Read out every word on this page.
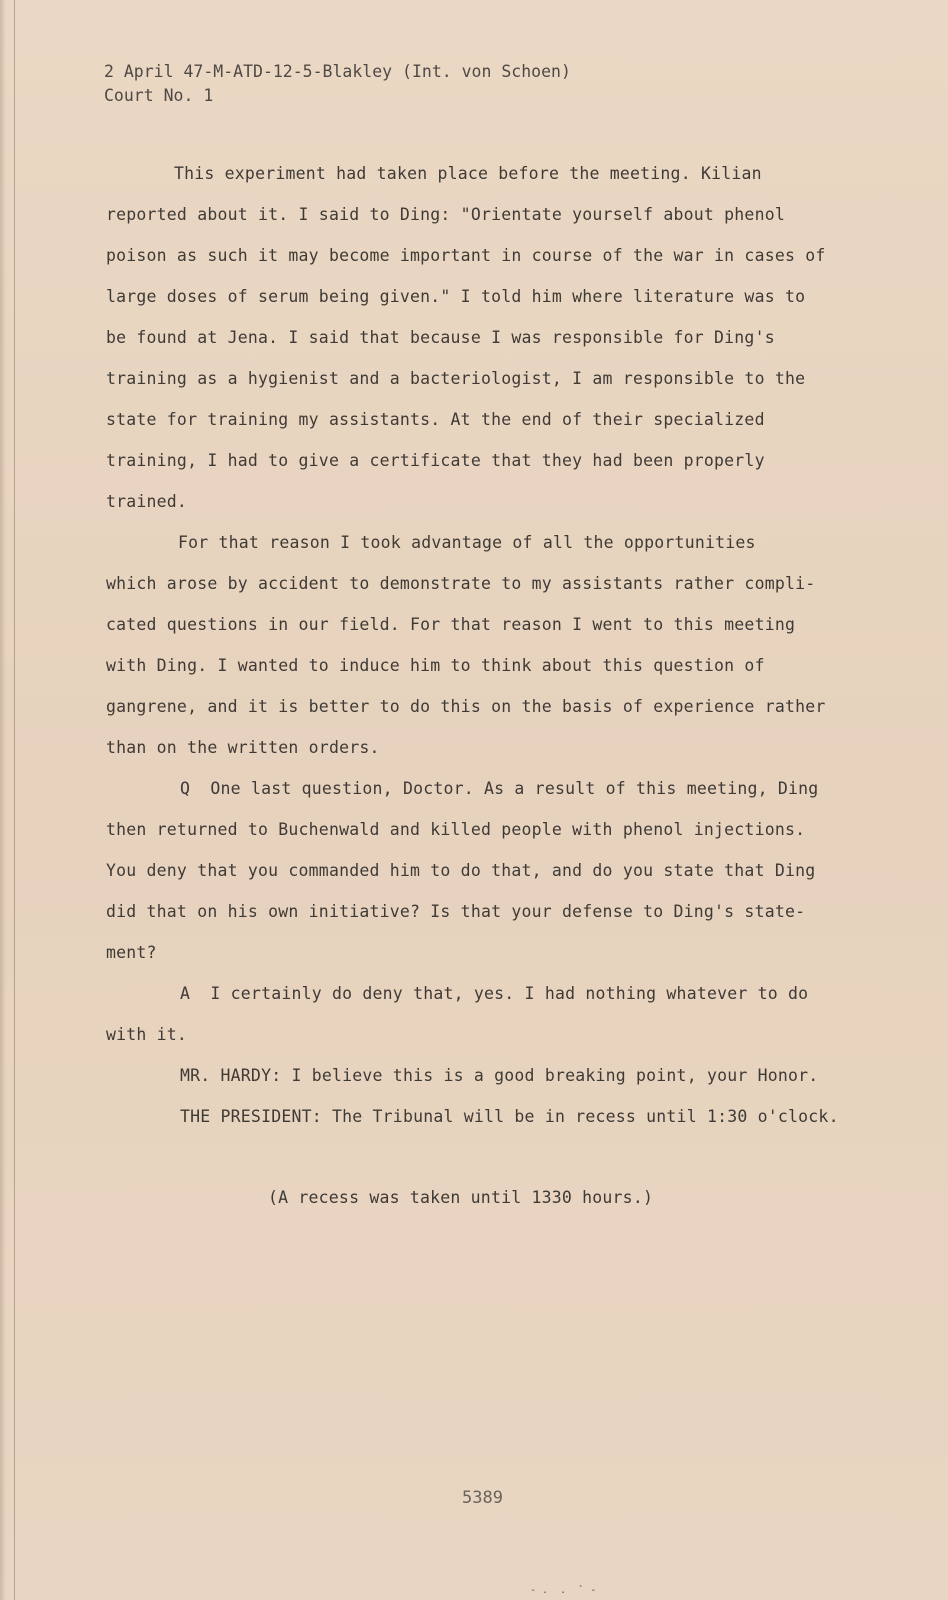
2 April 47-M-ATD-12-5-Blakley (Int. von Schoen)
Court No. 1
This experiment had taken place before the meeting. Kilian
reported about it. I said to Ding: "Orientate yourself about phenol
poison as such it may become important in course of the war in cases of
large doses of serum being given." I told him where literature was to
be found at Jena. I said that because I was responsible for Ding's
training as a hygienist and a bacteriologist, I am responsible to the
state for training my assistants. At the end of their specialized
training, I had to give a certificate that they had been properly
trained.
For that reason I took advantage of all the opportunities
which arose by accident to demonstrate to my assistants rather compli-
cated questions in our field. For that reason I went to this meeting
with Ding. I wanted to induce him to think about this question of
gangrene, and it is better to do this on the basis of experience rather
than on the written orders.
Q  One last question, Doctor. As a result of this meeting, Ding
then returned to Buchenwald and killed people with phenol injections.
You deny that you commanded him to do that, and do you state that Ding
did that on his own initiative? Is that your defense to Ding's state-
ment?
A  I certainly do deny that, yes. I had nothing whatever to do
with it.
MR. HARDY: I believe this is a good breaking point, your Honor.
THE PRESIDENT: The Tribunal will be in recess until 1:30 o'clock.
(A recess was taken until 1330 hours.)
5389
- .  .  ` -
